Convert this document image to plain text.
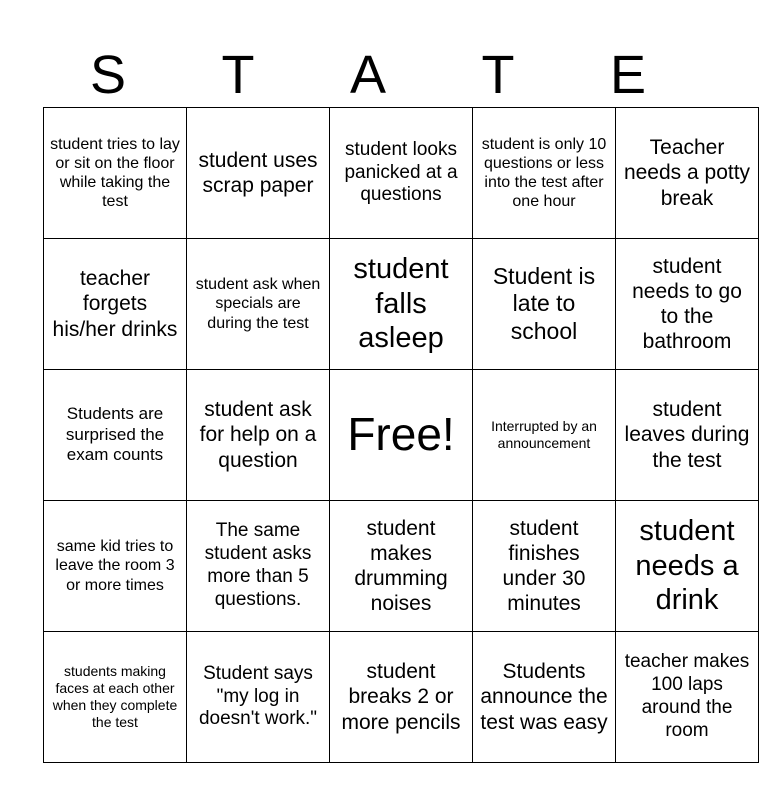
S	T	A	T	E
student tries to lay or sit on the floor while taking the test	student uses scrap paper	student looks panicked at a questions	student is only 10 questions or less into the test after one hour	Teacher needs a potty break
teacher forgets his/her drinks	student ask when specials are during the test	student falls asleep	Student is late to school	student needs to go to the bathroom
Students are surprised the exam counts	student ask for help on a question	Free!	Interrupted by an announcement	student leaves during the test
same kid tries to leave the room 3 or more times	The same student asks more than 5 questions.	student makes drumming noises	student finishes under 30 minutes	student needs a drink
students making faces at each other when they complete the test	Student says "my log in doesn't work."	student breaks 2 or more pencils	Students announce the test was easy	teacher makes 100 laps around the room
